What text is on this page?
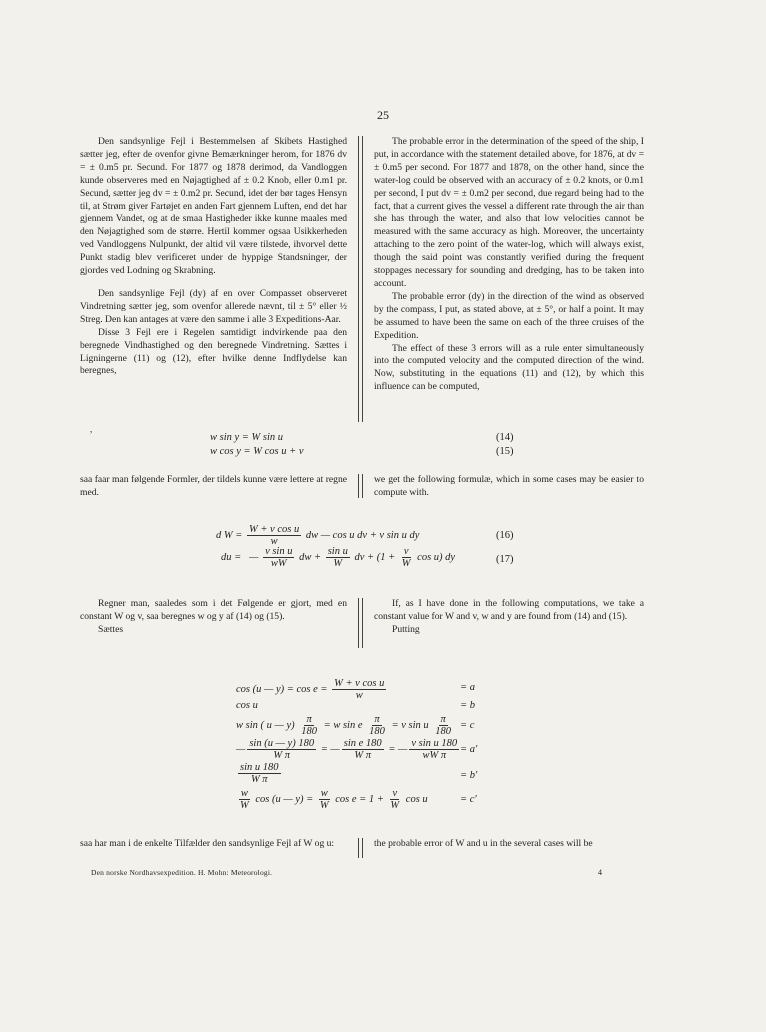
25

Den sandsynlige Fejl i Bestemmelsen af Skibets Hastighed sætter jeg, efter de ovenfor givne Bemærkninger herom, for 1876 dv = ± 0.m5 pr. Secund. For 1877 og 1878 derimod, da Vandloggen kunde observeres med en Nøjagtighed af ± 0.2 Knob, eller 0.m1 pr. Secund, sætter jeg dv = ± 0.m2 pr. Secund, idet der bør tages Hensyn til, at Strøm giver Fartøjet en anden Fart gjennem Luften, end det har gjennem Vandet, og at de smaa Hastigheder ikke kunne maales med den Nøjagtighed som de større. Hertil kommer ogsaa Usikkerheden ved Vandloggens Nulpunkt, der altid vil være tilstede, ihvorvel dette Punkt stadig blev verificeret under de hyppige Standsninger, der gjordes ved Lodning og Skrabning.

Den sandsynlige Fejl (dy) af en over Compasset observeret Vindretning sætter jeg, som ovenfor allerede nævnt, til ± 5° eller ½ Streg. Den kan antages at være den samme i alle 3 Expeditions-Aar.

Disse 3 Fejl ere i Regelen samtidigt indvirkende paa den beregnede Vindhastighed og den beregnede Vindretning. Sættes i Ligningerne (11) og (12), efter hvilke denne Indflydelse kan beregnes,

The probable error in the determination of the speed of the ship, I put, in accordance with the statement detailed above, for 1876, at dv = ± 0.m5 per second. For 1877 and 1878, on the other hand, since the water-log could be observed with an accuracy of ± 0.2 knots, or 0.m1 per second, I put dv = ± 0.m2 per second, due regard being had to the fact, that a current gives the vessel a different rate through the air than she has through the water, and also that low velocities cannot be measured with the same accuracy as high. Moreover, the uncertainty attaching to the zero point of the water-log, which will always exist, though the said point was constantly verified during the frequent stoppages necessary for sounding and dredging, has to be taken into account.

The probable error (dy) in the direction of the wind as observed by the compass, I put, as stated above, at ± 5°, or half a point. It may be assumed to have been the same on each of the three cruises of the Expedition.

The effect of these 3 errors will as a rule enter simultaneously into the computed velocity and the computed direction of the wind. Now, substituting in the equations (11) and (12), by which this influence can be computed,

,
w sin y = W sin u	(14)
w cos y = W cos u + v	(15)

saa faar man følgende Formler, der tildels kunne være lettere at regne med.

we get the following formulæ, which in some cases may be easier to compute with.

d $W = \frac{\text{W + v cos u}}{w}$ dw — cos u dv + v sin u dy	(16)
du =   — $\frac{\text{v sin u}}{wW}$ dw + $\frac{\text{sin u}}{W}$ dv + ($1 + \frac{v}{W}$ cos u) dy	(17)

Regner man, saaledes som i det Følgende er gjort, med en constant W og v, saa beregnes w og y af (14) og (15).

Sættes

If, as I have done in the following computations, we take a constant value for W and v, w and y are found from (14) and (15).

Putting

cos (u — $y) = \cos e = \frac{\text{W + v cos u}}{w}$	= a
cos u	= b
w sin ( u — $y) \frac{\pi}{180} = w$ sin e $\frac{\pi}{180} = v$ sin u $\frac{\pi}{180} = c$
— $\frac{\sin (u — y) 180}{\text{W π}}$ = — $\frac{\text{sin e 180}}{\text{W π}}$ = — $\frac{\text{v sin u 180}}{\text{wW π}} = a'$
$\frac{\text{sin u 180}}{\text{W π}}$	= b'
$\frac{w}{W}$ cos (u — $y) = \frac{w}{W}$ $\cos e = 1 + \frac{v}{W}$ cos u	= c'

saa har man i de enkelte Tilfælder den sandsynlige Fejl af W og u:	the probable error of W and u in the several cases will be

Den norske Nordhavsexpedition. H. Mohn: Meteorologi.	4
